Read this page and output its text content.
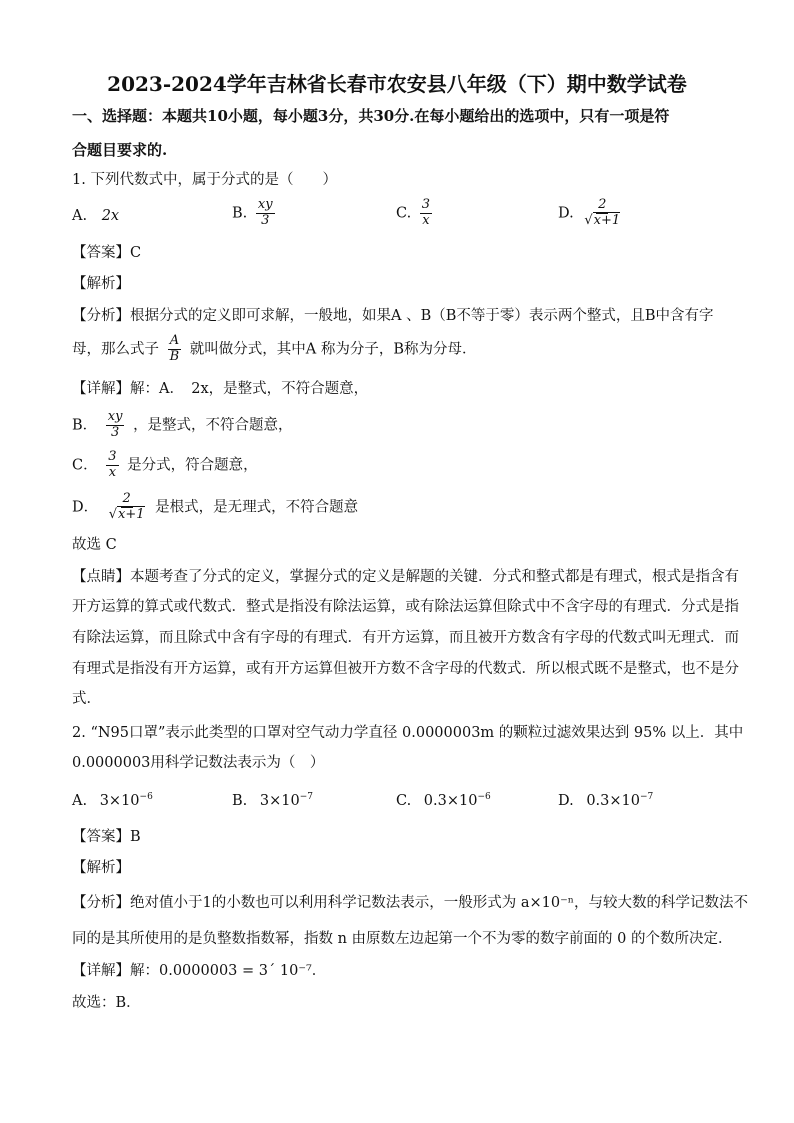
2023-2024学年吉林省长春市农安县八年级（下）期中数学试卷
一、选择题：本题共10小题，每小题3分，共30分.在每小题给出的选项中，只有一项是符
合题目要求的.
1. 下列代数式中，属于分式的是（　　）
A. 2x	B. $\frac{xy}{3}$	C. $\frac{3}{x}$	D. $\frac{2}{√x+1}$
【答案】C
【解析】
【分析】根据分式的定义即可求解，一般地，如果A 、B（B不等于零）表示两个整式，且B中含有字
母，那么式子 $\frac{A}{B}$ 就叫做分式，其中A 称为分子，B称为分母．
【详解】解：A．　2x，是整式，不符合题意，
B． $\frac{xy}{3}$ ，是整式，不符合题意，
C． $\frac{3}{x}$ 是分式，符合题意，
D． $\frac{2}{√x+1}$ 是根式，是无理式，不符合题意
故选 C
【点睛】本题考查了分式的定义，掌握分式的定义是解题的关键．分式和整式都是有理式，根式是指含有
开方运算的算式或代数式．整式是指没有除法运算，或有除法运算但除式中不含字母的有理式．分式是指
有除法运算，而且除式中含有字母的有理式．有开方运算，而且被开方数含有字母的代数式叫无理式．而
有理式是指没有开方运算，或有开方运算但被开方数不含字母的代数式．所以根式既不是整式，也不是分
式．
2. “N95口罩”表示此类型的口罩对空气动力学直径 0.0000003m 的颗粒过滤效果达到 95% 以上．其中
0.0000003用科学记数法表示为（　）
A. $3\times 10^{-6}$	B. $3\times 10^{-7}$	C. $0.3\times 10^{-6}$	D. $0.3\times 10^{-7}$
【答案】B
【解析】
【分析】绝对值小于1的小数也可以利用科学记数法表示，一般形式为 a×10⁻ⁿ，与较大数的科学记数法不
同的是其所使用的是负整数指数幂，指数 n 由原数左边起第一个不为零的数字前面的 0 的个数所决定．
【详解】解：0.0000003 = 3´ 10⁻⁷．
故选：B．
